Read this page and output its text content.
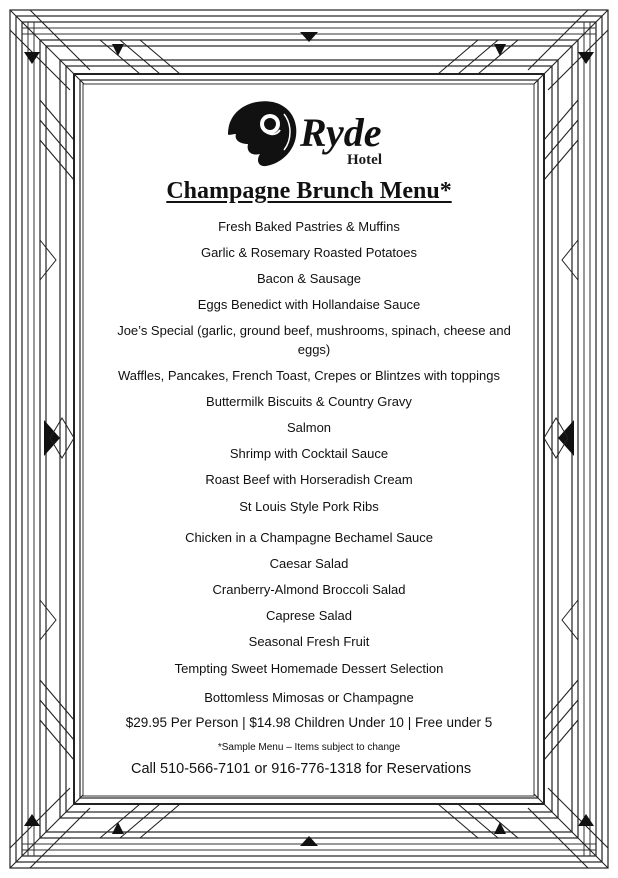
Ryde
Hotel
Champagne Brunch Menu*
Fresh Baked Pastries & Muffins
Garlic & Rosemary Roasted Potatoes
Bacon & Sausage
Eggs Benedict with Hollandaise Sauce
Joe’s Special (garlic, ground beef, mushrooms, spinach, cheese and eggs)
Waffles, Pancakes, French Toast, Crepes or Blintzes with toppings
Buttermilk Biscuits & Country Gravy
Salmon
Shrimp with Cocktail Sauce
Roast Beef with Horseradish Cream
St Louis Style Pork Ribs
Chicken in a Champagne Bechamel Sauce
Caesar Salad
Cranberry-Almond Broccoli Salad
Caprese Salad
Seasonal Fresh Fruit
Tempting Sweet Homemade Dessert Selection
Bottomless Mimosas or Champagne
$29.95 Per Person | $14.98 Children Under 10 | Free under 5
*Sample Menu – Items subject to change
Call 510-566-7101 or 916-776-1318 for Reservations
